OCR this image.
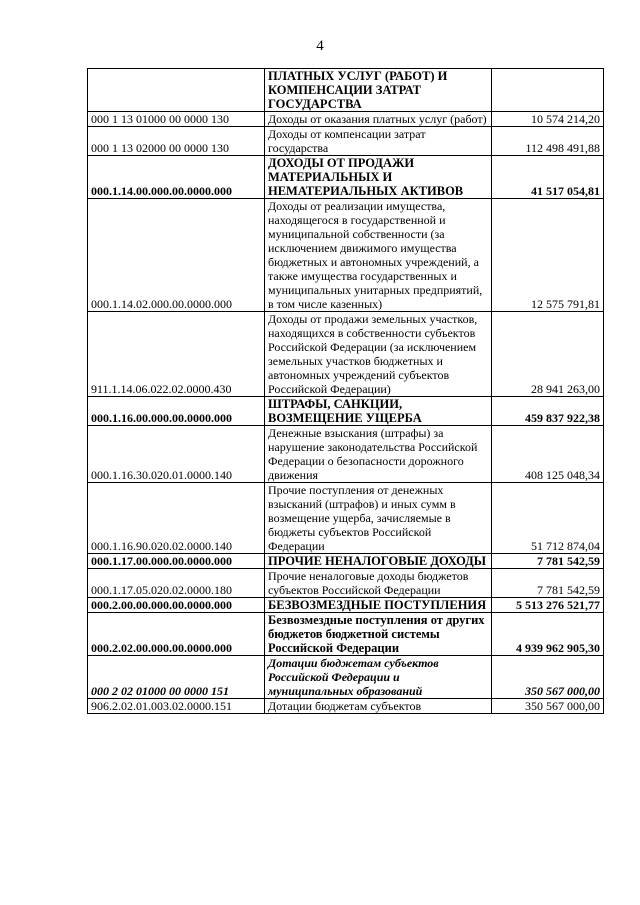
4
	ПЛАТНЫХ УСЛУГ (РАБОТ) И КОМПЕНСАЦИИ ЗАТРАТ ГОСУДАРСТВА	
000 1 13 01000 00 0000 130	Доходы от оказания платных услуг (работ)	10 574 214,20
000 1 13 02000 00 0000 130	Доходы от компенсации затрат государства	112 498 491,88
000.1.14.00.000.00.0000.000	ДОХОДЫ ОТ ПРОДАЖИ МАТЕРИАЛЬНЫХ И НЕМАТЕРИАЛЬНЫХ АКТИВОВ	41 517 054,81
000.1.14.02.000.00.0000.000	Доходы от реализации имущества, находящегося в государственной и муниципальной собственности (за исключением движимого имущества бюджетных и автономных учреждений, а также имущества государственных и муниципальных унитарных предприятий, в том числе казенных)	12 575 791,81
911.1.14.06.022.02.0000.430	Доходы от продажи земельных участков, находящихся в собственности субъектов Российской Федерации (за исключением земельных участков бюджетных и автономных учреждений субъектов Российской Федерации)	28 941 263,00
000.1.16.00.000.00.0000.000	ШТРАФЫ, САНКЦИИ, ВОЗМЕЩЕНИЕ УЩЕРБА	459 837 922,38
000.1.16.30.020.01.0000.140	Денежные взыскания (штрафы) за нарушение законодательства Российской Федерации о безопасности дорожного движения	408 125 048,34
000.1.16.90.020.02.0000.140	Прочие поступления от денежных взысканий (штрафов) и иных сумм в возмещение ущерба, зачисляемые в бюджеты субъектов Российской Федерации	51 712 874,04
000.1.17.00.000.00.0000.000	ПРОЧИЕ НЕНАЛОГОВЫЕ ДОХОДЫ	7 781 542,59
000.1.17.05.020.02.0000.180	Прочие неналоговые доходы бюджетов субъектов Российской Федерации	7 781 542,59
000.2.00.00.000.00.0000.000	БЕЗВОЗМЕЗДНЫЕ ПОСТУПЛЕНИЯ	5 513 276 521,77
000.2.02.00.000.00.0000.000	Безвозмездные поступления от других бюджетов бюджетной системы Российской Федерации	4 939 962 905,30
000 2 02 01000 00 0000 151	Дотации бюджетам субъектов Российской Федерации и муниципальных образований	350 567 000,00
906.2.02.01.003.02.0000.151	Дотации бюджетам субъектов	350 567 000,00
